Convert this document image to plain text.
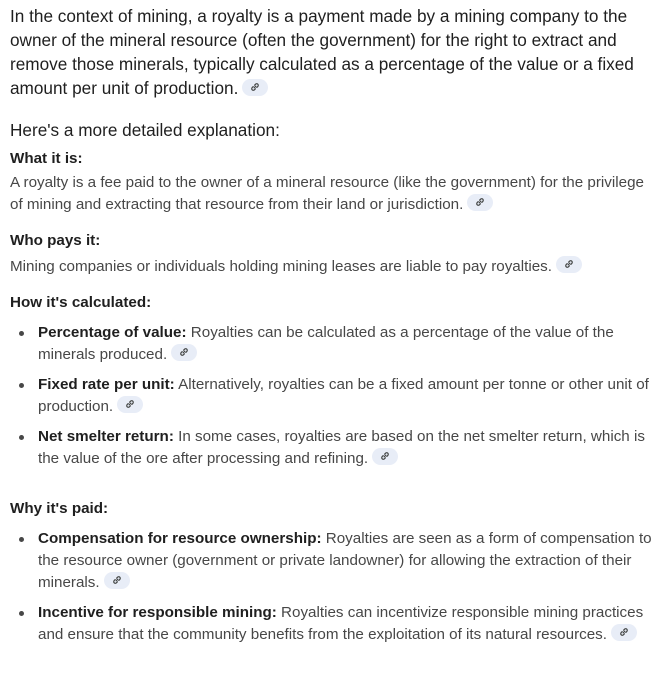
In the context of mining, a royalty is a payment made by a mining company to the owner of the mineral resource (often the government) for the right to extract and remove those minerals, typically calculated as a percentage of the value or a fixed amount per unit of production.

Here's a more detailed explanation:

What it is:

A royalty is a fee paid to the owner of a mineral resource (like the government) for the privilege of mining and extracting that resource from their land or jurisdiction.

Who pays it:

Mining companies or individuals holding mining leases are liable to pay royalties.

How it's calculated:
Percentage of value: Royalties can be calculated as a percentage of the value of the minerals produced.
Fixed rate per unit: Alternatively, royalties can be a fixed amount per tonne or other unit of production.
Net smelter return: In some cases, royalties are based on the net smelter return, which is the value of the ore after processing and refining.
Why it's paid:
Compensation for resource ownership: Royalties are seen as a form of compensation to the resource owner (government or private landowner) for allowing the extraction of their minerals.
Incentive for responsible mining: Royalties can incentivize responsible mining practices and ensure that the community benefits from the exploitation of its natural resources.
